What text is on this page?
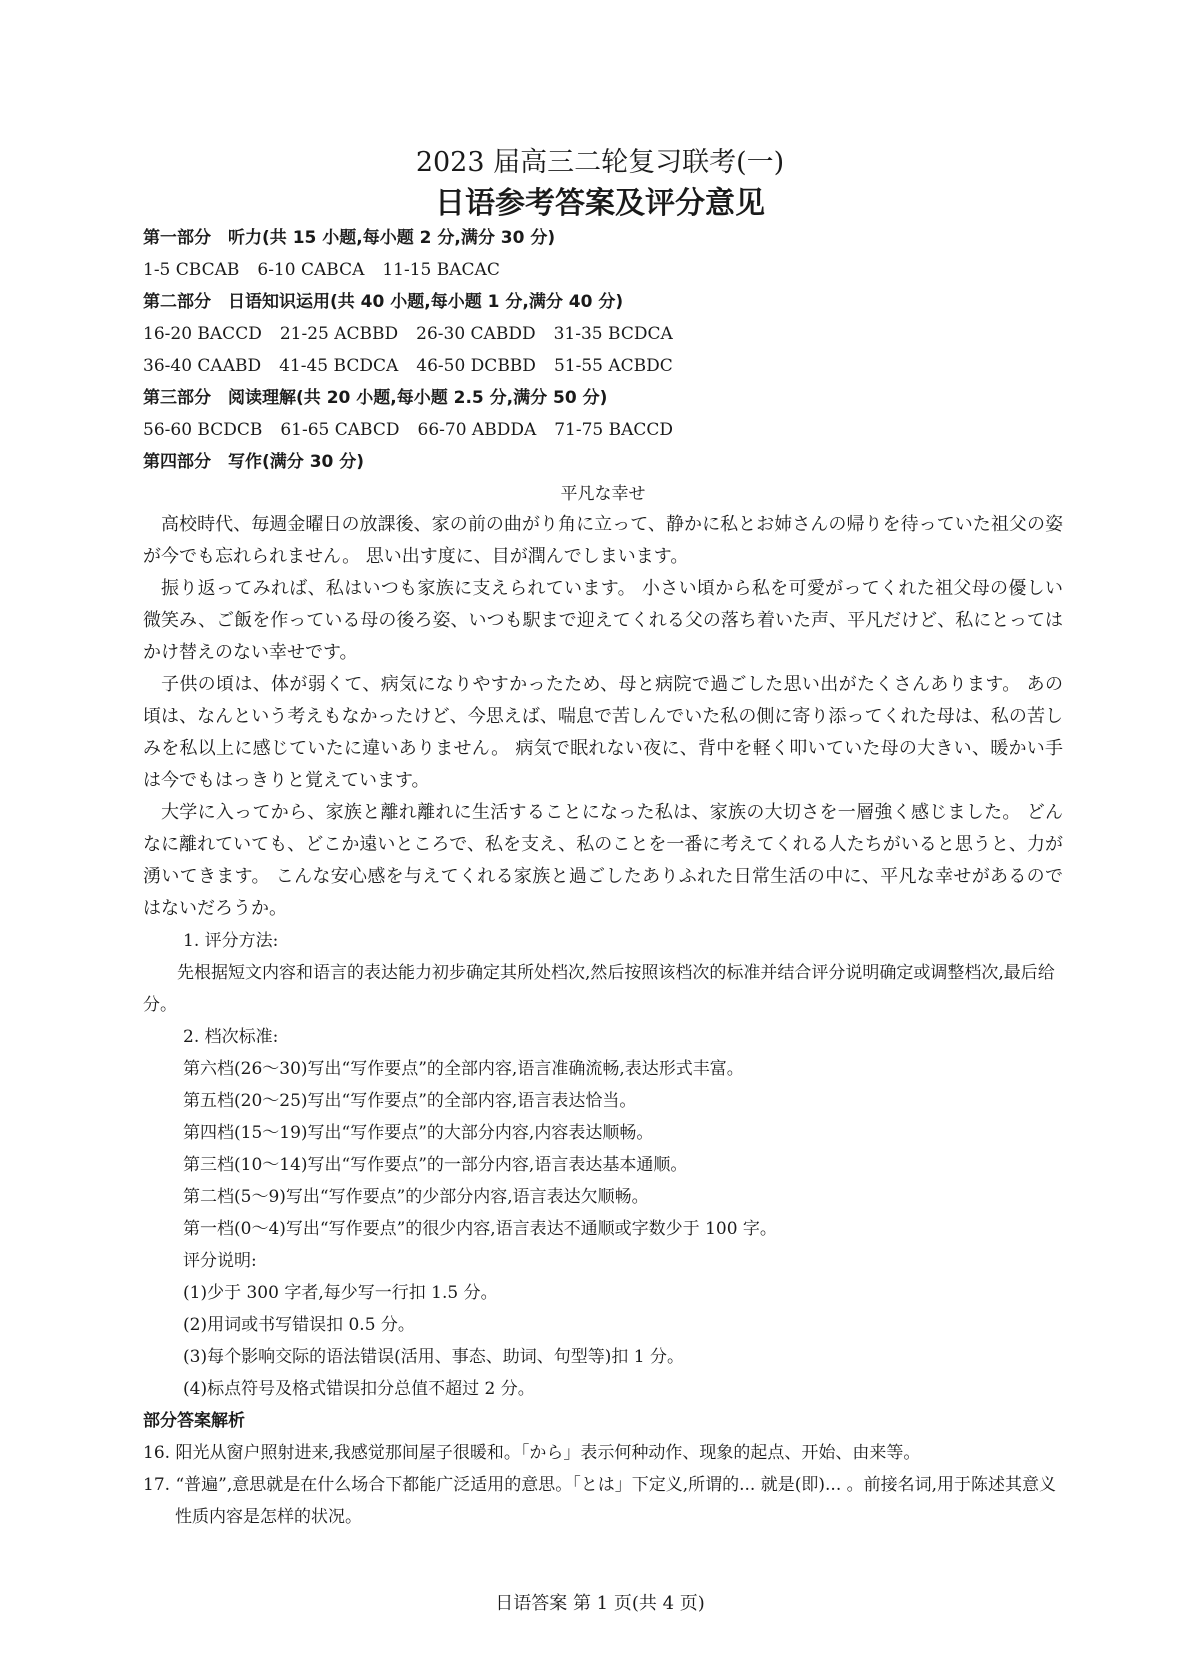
2023 届高三二轮复习联考(一)
日语参考答案及评分意见
第一部分　听力(共 15 小题,每小题 2 分,满分 30 分)
1-5 CBCAB 6-10 CABCA 11-15 BACAC
第二部分　日语知识运用(共 40 小题,每小题 1 分,满分 40 分)
16-20 BACCD 21-25 ACBBD 26-30 CABDD 31-35 BCDCA
36-40 CAABD 41-45 BCDCA 46-50 DCBBD 51-55 ACBDC
第三部分　阅读理解(共 20 小题,每小题 2.5 分,满分 50 分)
56-60 BCDCB 61-65 CABCD 66-70 ABDDA 71-75 BACCD
第四部分　写作(满分 30 分)
平凡な幸せ

高校時代、毎週金曜日の放課後、家の前の曲がり角に立って、静かに私とお姉さんの帰りを待っていた祖父の姿が今でも忘れられません。 思い出す度に、目が潤んでしまいます。

振り返ってみれば、私はいつも家族に支えられています。 小さい頃から私を可愛がってくれた祖父母の優しい微笑み、ご飯を作っている母の後ろ姿、いつも駅まで迎えてくれる父の落ち着いた声、平凡だけど、私にとってはかけ替えのない幸せです。

子供の頃は、体が弱くて、病気になりやすかったため、母と病院で過ごした思い出がたくさんあります。 あの頃は、なんという考えもなかったけど、今思えば、喘息で苦しんでいた私の側に寄り添ってくれた母は、私の苦しみを私以上に感じていたに違いありません。 病気で眠れない夜に、背中を軽く叩いていた母の大きい、暖かい手は今でもはっきりと覚えています。

大学に入ってから、家族と離れ離れに生活することになった私は、家族の大切さを一層強く感じました。 どんなに離れていても、どこか遠いところで、私を支え、私のことを一番に考えてくれる人たちがいると思うと、力が湧いてきます。 こんな安心感を与えてくれる家族と過ごしたありふれた日常生活の中に、平凡な幸せがあるのではないだろうか。

1. 评分方法:
先根据短文内容和语言的表达能力初步确定其所处档次,然后按照该档次的标准并结合评分说明确定或调整档次,最后给分。
2. 档次标准:
第六档(26～30)写出“写作要点”的全部内容,语言准确流畅,表达形式丰富。
第五档(20～25)写出“写作要点”的全部内容,语言表达恰当。
第四档(15～19)写出“写作要点”的大部分内容,内容表达顺畅。
第三档(10～14)写出“写作要点”的一部分内容,语言表达基本通顺。
第二档(5～9)写出“写作要点”的少部分内容,语言表达欠顺畅。
第一档(0～4)写出“写作要点”的很少内容,语言表达不通顺或字数少于 100 字。
评分说明:
(1)少于 300 字者,每少写一行扣 1.5 分。
(2)用词或书写错误扣 0.5 分。
(3)每个影响交际的语法错误(活用、事态、助词、句型等)扣 1 分。
(4)标点符号及格式错误扣分总值不超过 2 分。
部分答案解析
16. 阳光从窗户照射进来,我感觉那间屋子很暖和。「から」表示何种动作、现象的起点、开始、由来等。
17. “普遍”,意思就是在什么场合下都能广泛适用的意思。「とは」下定义,所谓的... 就是(即)... 。前接名词,用于陈述其意义性质内容是怎样的状况。
日语答案 第 1 页(共 4 页)
